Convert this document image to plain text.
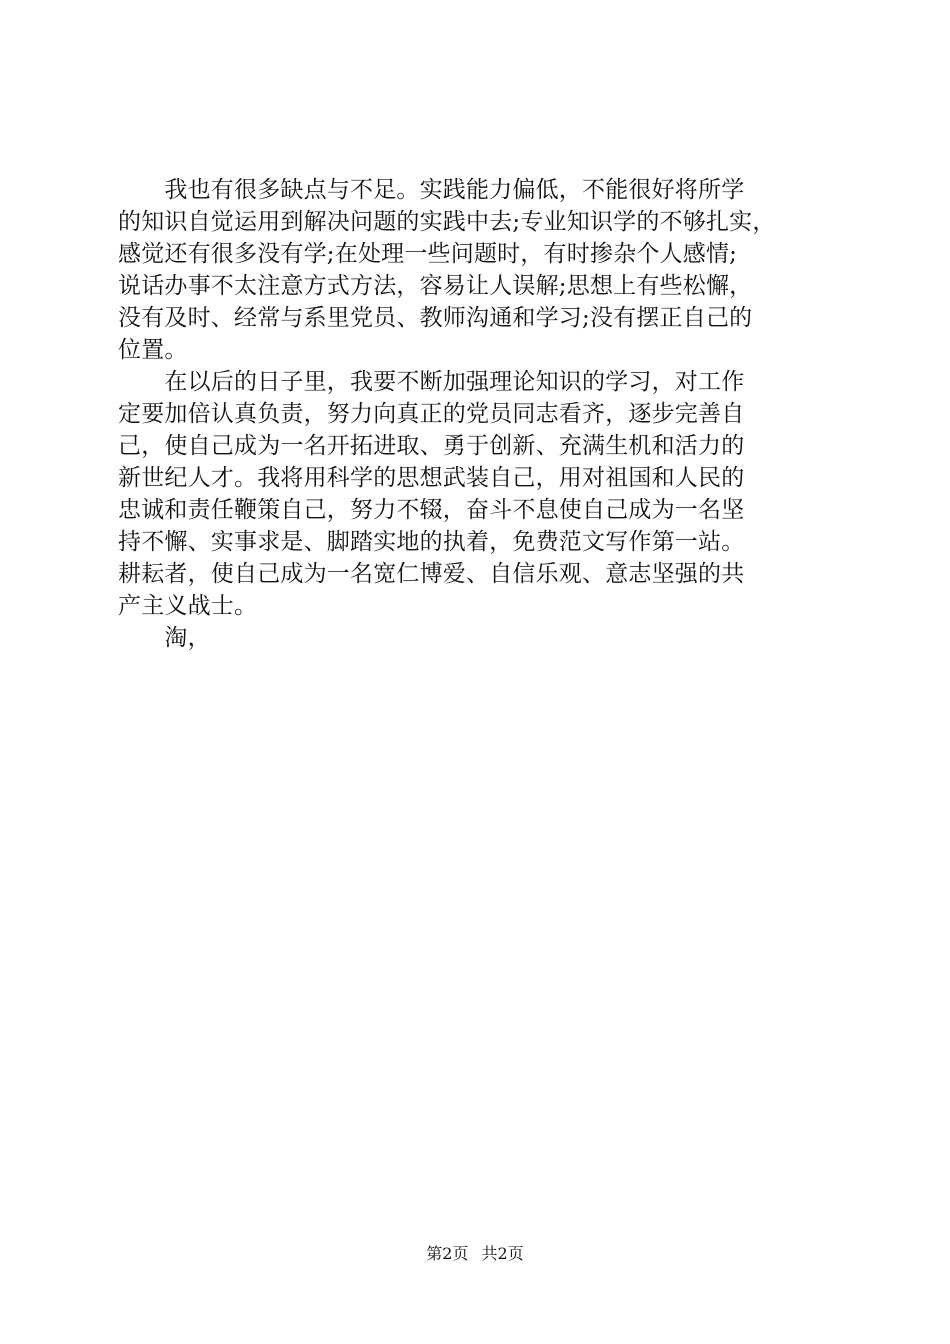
　　我也有很多缺点与不足。实践能力偏低，不能很好将所学
的知识自觉运用到解决问题的实践中去;专业知识学的不够扎实，
感觉还有很多没有学;在处理一些问题时，有时掺杂个人感情;
说话办事不太注意方式方法，容易让人误解;思想上有些松懈，
没有及时、经常与系里党员、教师沟通和学习;没有摆正自己的
位置。
　　在以后的日子里，我要不断加强理论知识的学习，对工作
定要加倍认真负责，努力向真正的党员同志看齐，逐步完善自
己，使自己成为一名开拓进取、勇于创新、充满生机和活力的
新世纪人才。我将用科学的思想武装自己，用对祖国和人民的
忠诚和责任鞭策自己，努力不辍，奋斗不息使自己成为一名坚
持不懈、实事求是、脚踏实地的执着，免费范文写作第一站。
耕耘者，使自己成为一名宽仁博爱、自信乐观、意志坚强的共
产主义战士。
　　淘，
第2页 共2页
